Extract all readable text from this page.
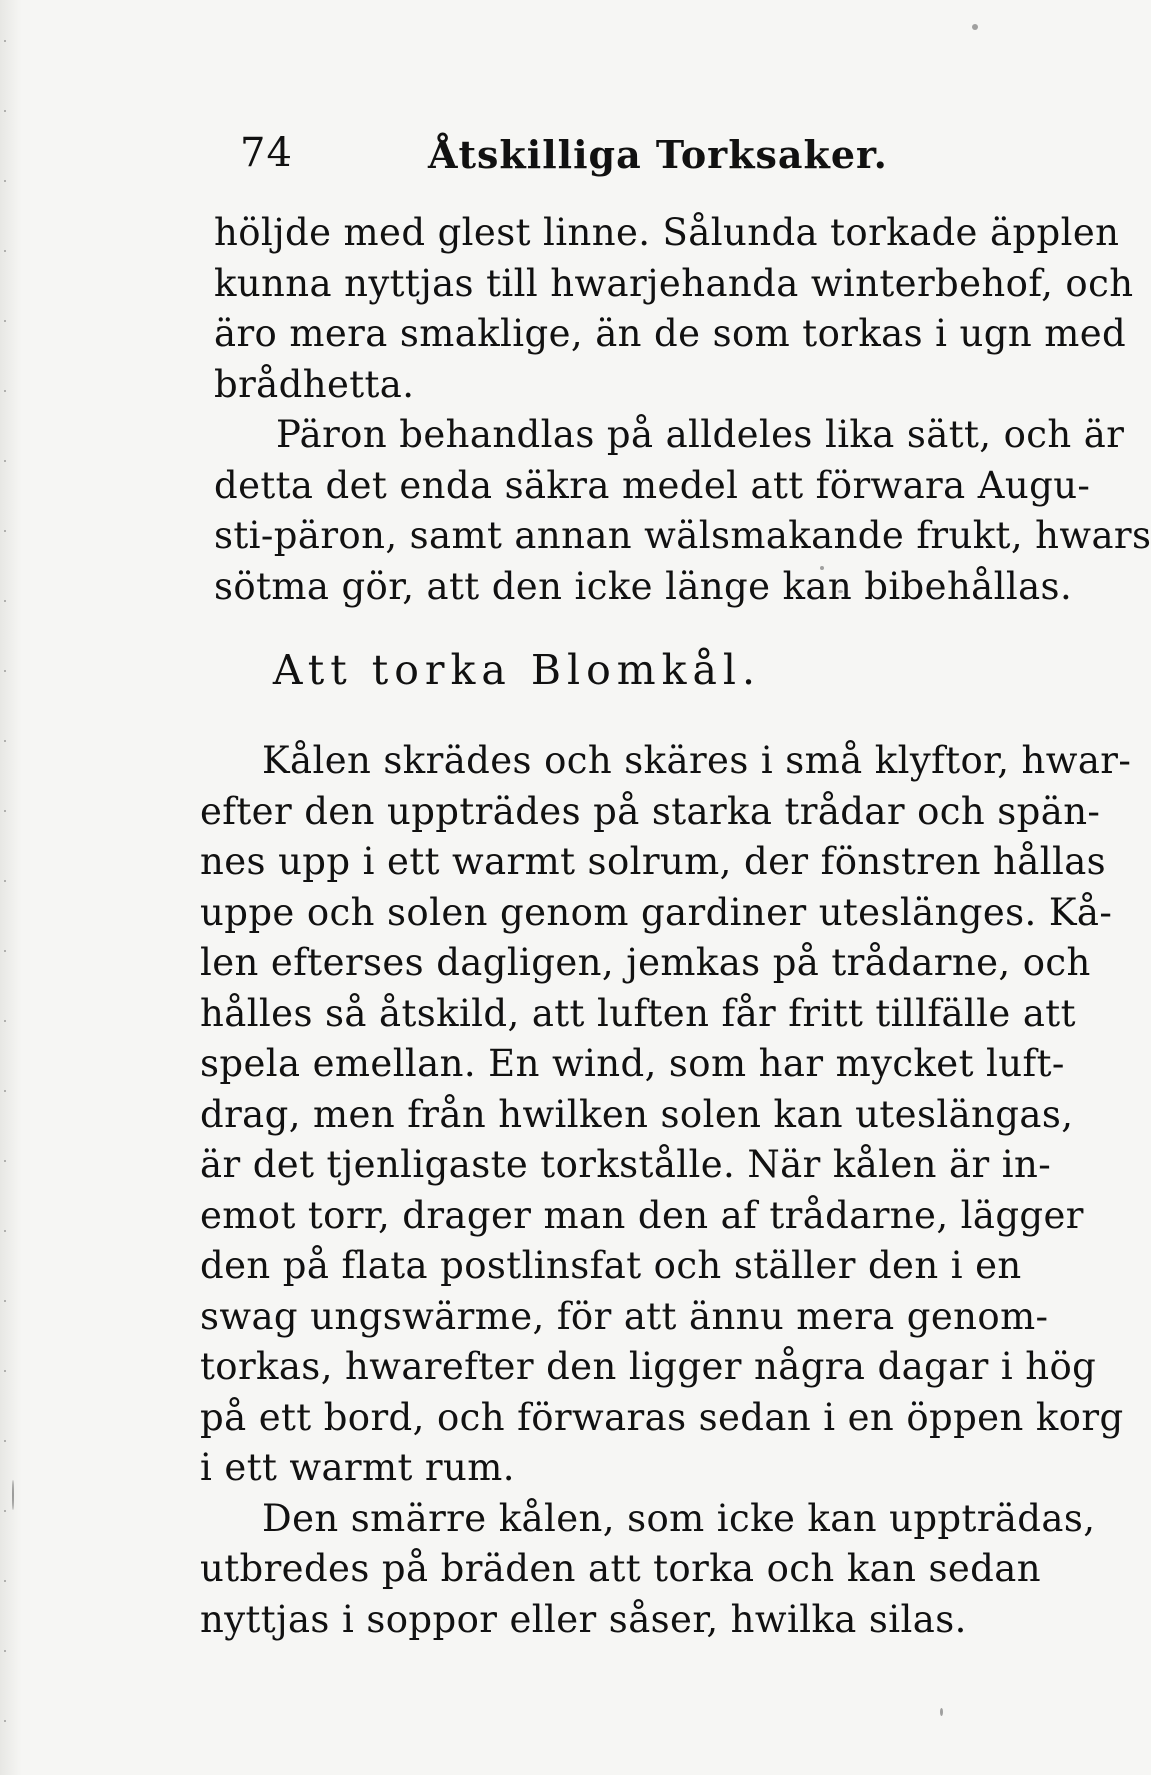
74	Åtskilliga Torksaker.
höljde med glest linne. Sålunda torkade äpplen
kunna nyttjas till hwarjehanda winterbehof, och
äro mera smaklige, än de som torkas i ugn med
brådhetta.
Päron behandlas på alldeles lika sätt, och är
detta det enda säkra medel att förwara Augu-
sti-päron, samt annan wälsmakande frukt, hwars
sötma gör, att den icke länge kan bibehållas.
Att torka Blomkål.
Kålen skrädes och skäres i små klyftor, hwar-
efter den uppträdes på starka trådar och spän-
nes upp i ett warmt solrum, der fönstren hållas
uppe och solen genom gardiner uteslänges. Kå-
len efterses dagligen, jemkas på trådarne, och
hålles så åtskild, att luften får fritt tillfälle att
spela emellan. En wind, som har mycket luft-
drag, men från hwilken solen kan uteslängas,
är det tjenligaste torkstålle. När kålen är in-
emot torr, drager man den af trådarne, lägger
den på flata postlinsfat och ställer den i en
swag ungswärme, för att ännu mera genom-
torkas, hwarefter den ligger några dagar i hög
på ett bord, och förwaras sedan i en öppen korg
i ett warmt rum.
Den smärre kålen, som icke kan uppträdas,
utbredes på bräden att torka och kan sedan
nyttjas i soppor eller såser, hwilka silas.
